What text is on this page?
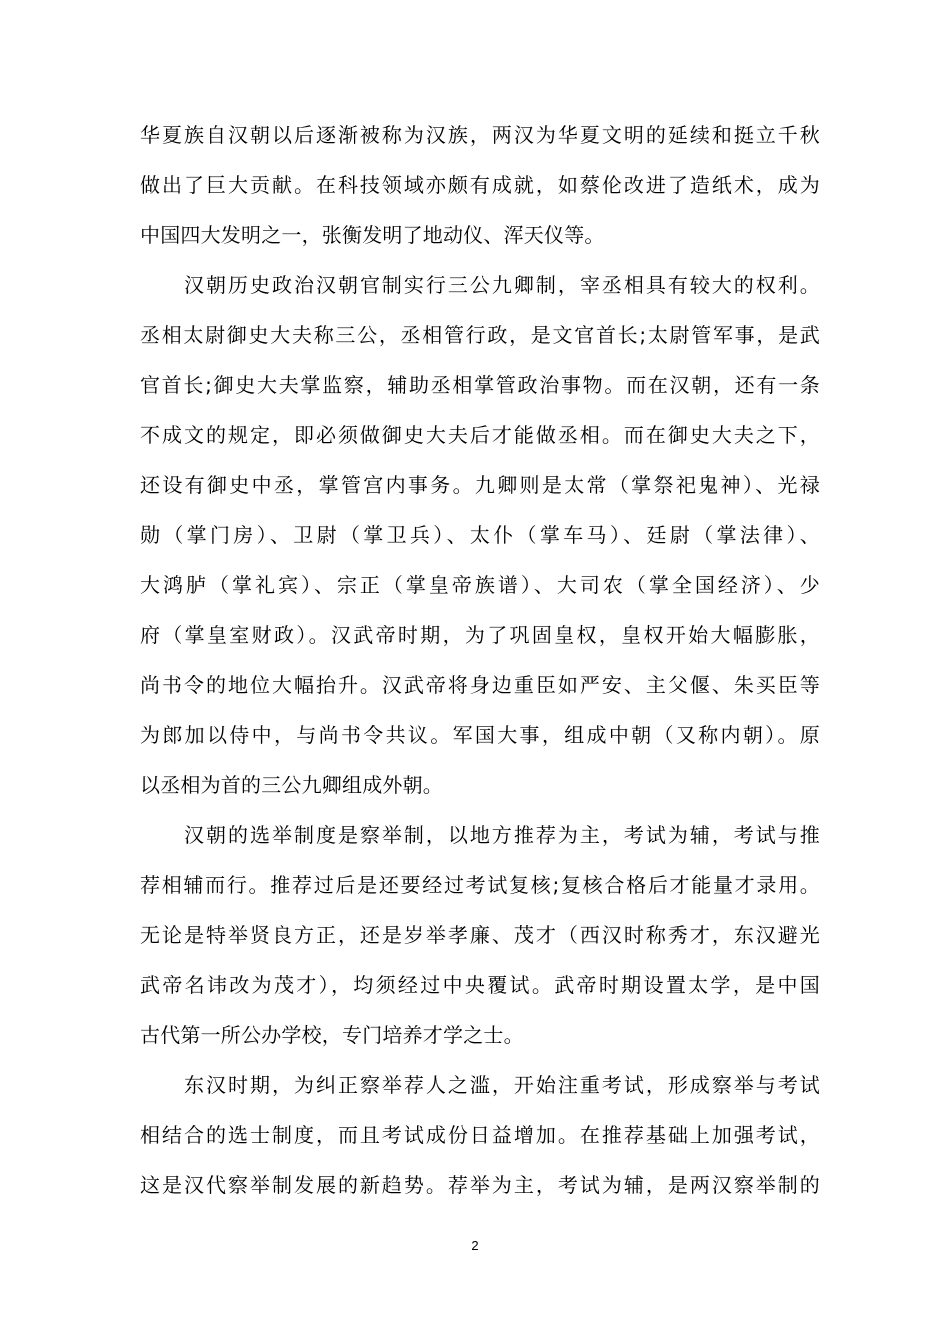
华夏族自汉朝以后逐渐被称为汉族，两汉为华夏文明的延续和挺立千秋
做出了巨大贡献。在科技领域亦颇有成就，如蔡伦改进了造纸术，成为
中国四大发明之一，张衡发明了地动仪、浑天仪等。
汉朝历史政治汉朝官制实行三公九卿制，宰丞相具有较大的权利。
丞相太尉御史大夫称三公，丞相管行政，是文官首长;太尉管军事，是武
官首长;御史大夫掌监察，辅助丞相掌管政治事物。而在汉朝，还有一条
不成文的规定，即必须做御史大夫后才能做丞相。而在御史大夫之下，
还设有御史中丞，掌管宫内事务。九卿则是太常（掌祭祀鬼神）、光禄
勋（掌门房）、卫尉（掌卫兵）、太仆（掌车马）、廷尉（掌法律）、
大鸿胪（掌礼宾）、宗正（掌皇帝族谱）、大司农（掌全国经济）、少
府（掌皇室财政）。汉武帝时期，为了巩固皇权，皇权开始大幅膨胀，
尚书令的地位大幅抬升。汉武帝将身边重臣如严安、主父偃、朱买臣等
为郎加以侍中，与尚书令共议。军国大事，组成中朝（又称内朝）。原
以丞相为首的三公九卿组成外朝。
汉朝的选举制度是察举制，以地方推荐为主，考试为辅，考试与推
荐相辅而行。推荐过后是还要经过考试复核;复核合格后才能量才录用。
无论是特举贤良方正，还是岁举孝廉、茂才（西汉时称秀才，东汉避光
武帝名讳改为茂才），均须经过中央覆试。武帝时期设置太学，是中国
古代第一所公办学校，专门培养才学之士。
东汉时期，为纠正察举荐人之滥，开始注重考试，形成察举与考试
相结合的选士制度，而且考试成份日益增加。在推荐基础上加强考试，
这是汉代察举制发展的新趋势。荐举为主，考试为辅，是两汉察举制的
2
